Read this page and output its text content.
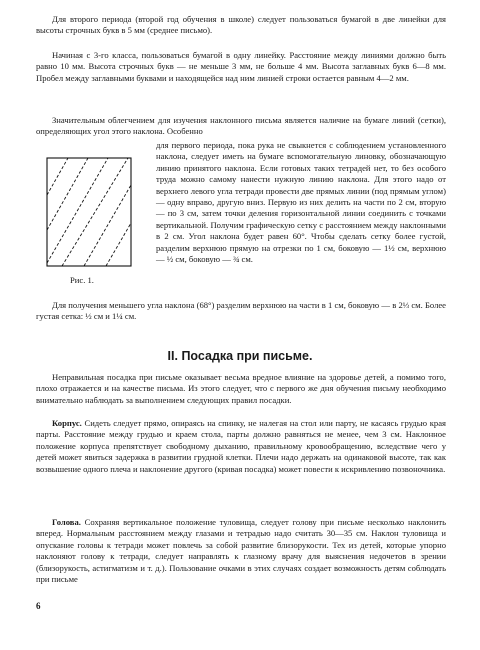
Для второго периода (второй год обучения в школе) следует пользоваться бумагой в две линейки для высоты строчных букв в 5 мм (среднее письмо).

Начиная с 3-го класса, пользоваться бумагой в одну линейку. Расстояние между линиями должно быть равно 10 мм. Высота строчных букв — не меньше 3 мм, не больше 4 мм. Высота заглавных букв 6—8 мм. Пробел между заглавными буквами и находящейся над ним линией строки остается равным 4—2 мм.

Значительным облегчением для изучения наклонного письма является наличие на бумаге линий (сетки), определяющих угол этого наклона. Особенно

Рис. 1.

для первого периода, пока рука не свыкнется с соблюдением установленного наклона, следует иметь на бумаге вспомогательную линовку, обозначающую линию принятого наклона. Если готовых таких тетрадей нет, то без особого труда можно самому нанести нужную линию наклона. Для этого надо от верхнего левого угла тетради провести две прямых линии (под прямым углом) — одну вправо, другую вниз. Первую из них делить на части по 2 см, вторую — по 3 см, затем точки деления горизонтальной линии соединить с точками вертикальной. Получим графическую сетку с расстоянием между наклонными в 2 см. Угол наклона будет равен 60°. Чтобы сделать сетку более густой, разделим верхнюю прямую на отрезки по 1 см, боковую — 1½ см, верхнюю — ½ см, боковую — ¾ см.

Для получения меньшего угла наклона (68°) разделим верхнюю на части в 1 см, боковую — в 2⅓ см. Более густая сетка: ½ см и 1¼ см.

II. Посадка при письме.

Неправильная посадка при письме оказывает весьма вредное влияние на здоровье детей, а помимо того, плохо отражается и на качестве письма. Из этого следует, что с первого же дня обучения письму необходимо внимательно наблюдать за выполнением следующих правил посадки.

Корпус. Сидеть следует прямо, опираясь на спинку, не налегая на стол или парту, не касаясь грудью края парты. Расстояние между грудью и краем стола, парты должно равняться не менее, чем 3 см. Наклонное положение корпуса препятствует свободному дыханию, правильному кровообращению, вследствие чего у детей может явиться задержка в развитии грудной клетки. Плечи надо держать на одинаковой высоте, так как возвышение одного плеча и наклонение другого (кривая посадка) может повести к искривлению позвоночника.

Голова. Сохраняя вертикальное положение туловища, следует голову при письме несколько наклонить вперед. Нормальным расстоянием между глазами и тетрадью надо считать 30—35 см. Наклон туловища и опускание головы к тетради может повлечь за собой развитие близорукости. Тех из детей, которые упорно наклоняют голову к тетради, следует направлять к глазному врачу для выяснения недочетов в зрении (близорукость, астигматизм и т. д.). Пользование очками в этих случаях создает возможность детям соблюдать при письме

6
